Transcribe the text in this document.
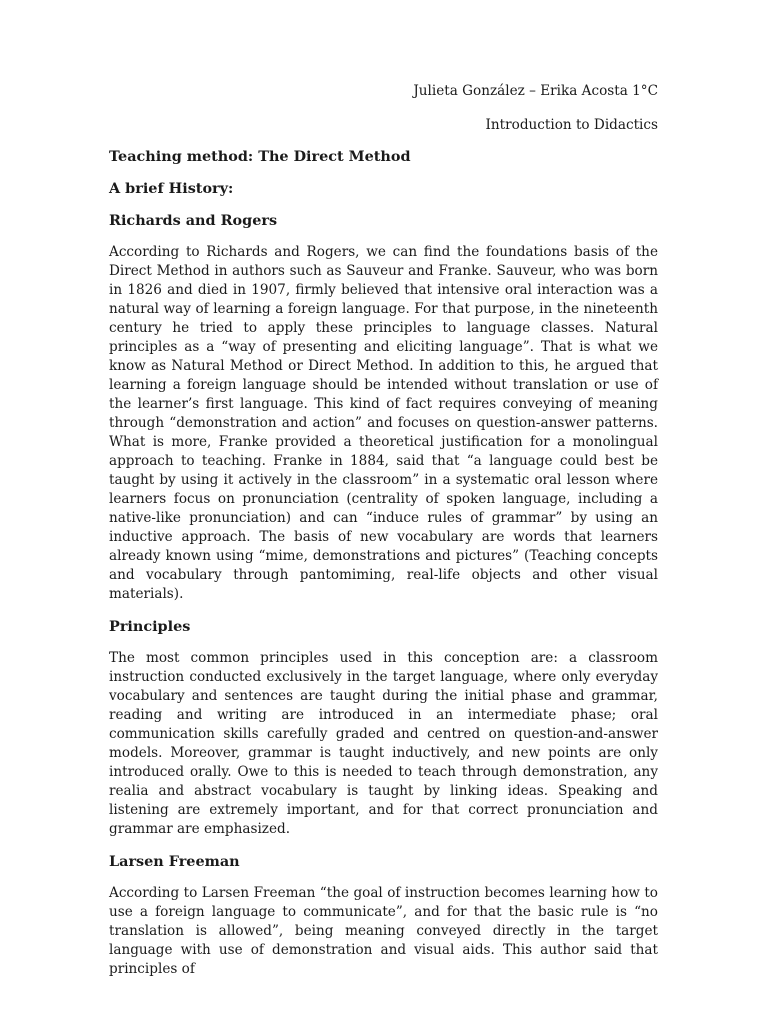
Julieta González – Erika Acosta 1°C

Introduction to Didactics

Teaching method: The Direct Method

A brief History:

Richards and Rogers

According to Richards and Rogers, we can find the foundations basis of the Direct Method in authors such as Sauveur and Franke. Sauveur, who was born in 1826 and died in 1907, firmly believed that intensive oral interaction was a natural way of learning a foreign language. For that purpose, in the nineteenth century he tried to apply these principles to language classes. Natural principles as a “way of presenting and eliciting language”. That is what we know as Natural Method or Direct Method. In addition to this, he argued that learning a foreign language should be intended without translation or use of the learner’s first language. This kind of fact requires conveying of meaning through “demonstration and action” and focuses on question-answer patterns. What is more, Franke provided a theoretical justification for a monolingual approach to teaching. Franke in 1884, said that “a language could best be taught by using it actively in the classroom” in a systematic oral lesson where learners focus on pronunciation (centrality of spoken language, including a native-like pronunciation) and can “induce rules of grammar” by using an inductive approach. The basis of new vocabulary are words that learners already known using “mime, demonstrations and pictures” (Teaching concepts and vocabulary through pantomiming, real-life objects and other visual materials).

Principles

The most common principles used in this conception are: a classroom instruction conducted exclusively in the target language, where only everyday vocabulary and sentences are taught during the initial phase and grammar, reading and writing are introduced in an intermediate phase; oral communication skills carefully graded and centred on question-and-answer models. Moreover, grammar is taught inductively, and new points are only introduced orally. Owe to this is needed to teach through demonstration, any realia and abstract vocabulary is taught by linking ideas. Speaking and listening are extremely important, and for that correct pronunciation and grammar are emphasized.

Larsen Freeman

According to Larsen Freeman “the goal of instruction becomes learning how to use a foreign language to communicate”, and for that the basic rule is “no translation is allowed”, being meaning conveyed directly in the target language with use of demonstration and visual aids. This author said that principles of
